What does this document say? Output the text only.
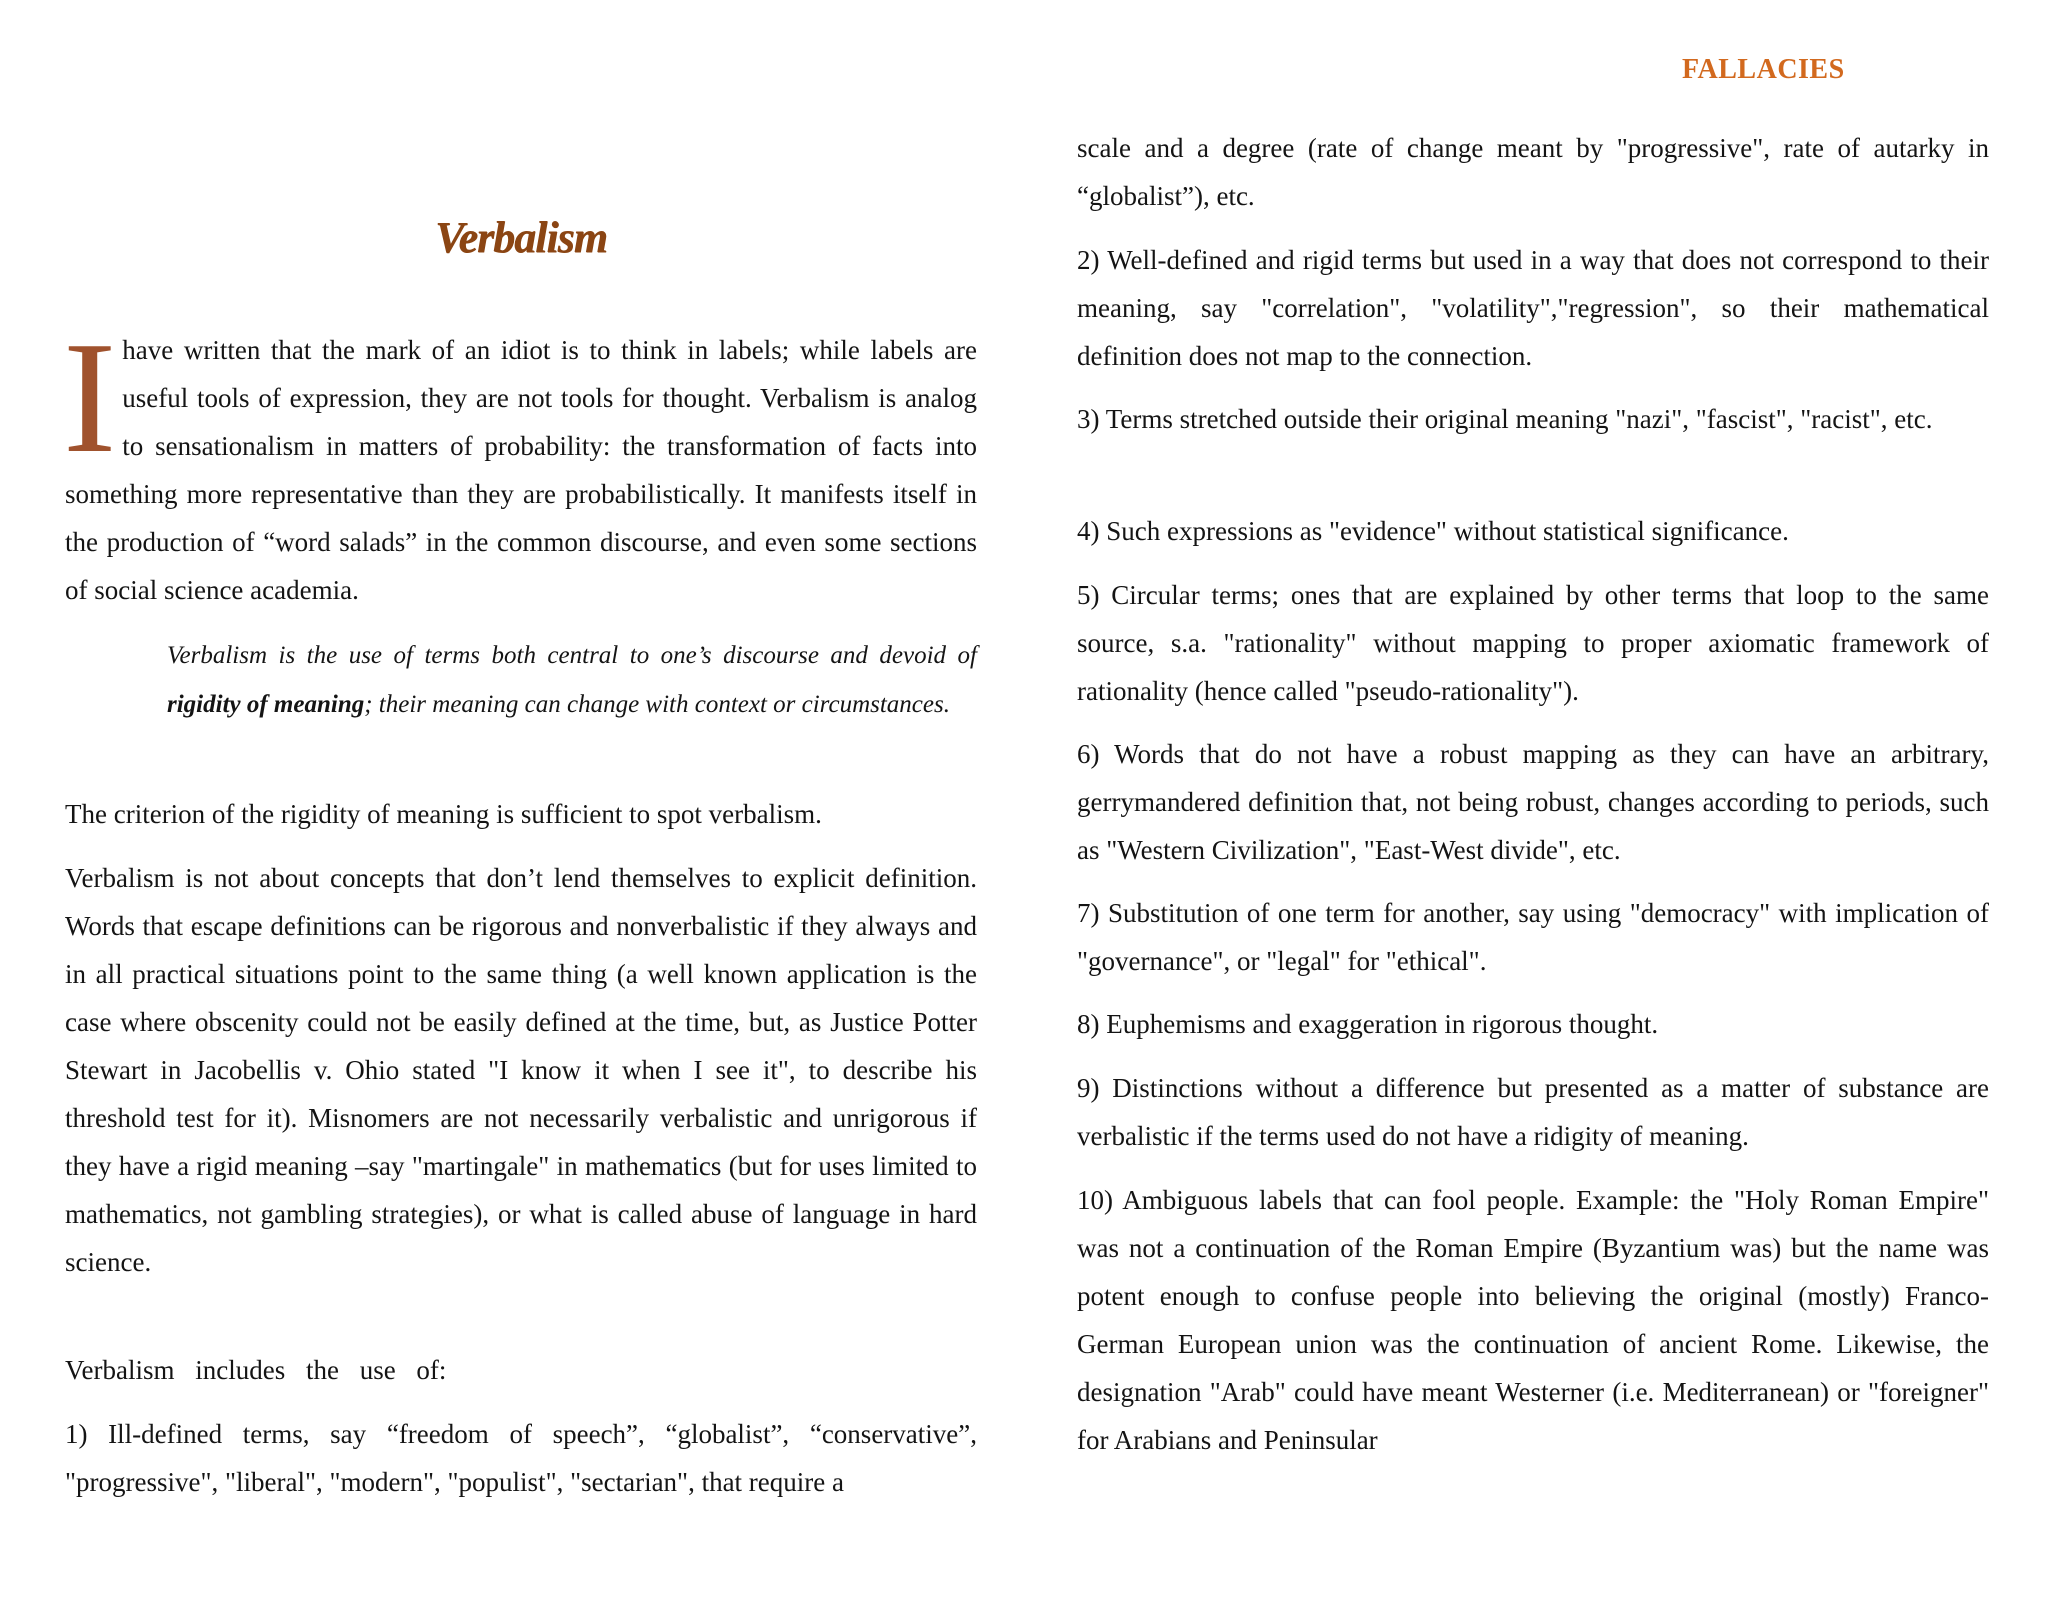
FALLACIES
Verbalism

I have written that the mark of an idiot is to think in labels; while labels are useful tools of expression, they are not tools for thought. Verbalism is analog to sensationalism in matters of probability: the transformation of facts into something more representative than they are probabilistically. It manifests itself in the production of “word salads” in the common discourse, and even some sections of social science academia.

Verbalism is the use of terms both central to one’s discourse and devoid of rigidity of meaning; their meaning can change with context or circumstances.

The criterion of the rigidity of meaning is sufficient to spot verbalism.

Verbalism is not about concepts that don’t lend themselves to explicit definition. Words that escape definitions can be rigorous and nonverbalistic if they always and in all practical situations point to the same thing (a well known application is the case where obscenity could not be easily defined at the time, but, as Justice Potter Stewart in Jacobellis v. Ohio stated "I know it when I see it", to describe his threshold test for it). Misnomers are not necessarily verbalistic and unrigorous if they have a rigid meaning –say "martingale" in mathematics (but for uses limited to mathematics, not gambling strategies), or what is called abuse of language in hard science.

Verbalism includes the use of:

1) Ill-defined terms, say “freedom of speech”, “globalist”, “conservative”, "progressive", "liberal", "modern", "populist", "sectarian", that require a

scale and a degree (rate of change meant by "progressive", rate of autarky in “globalist”), etc.

2) Well-defined and rigid terms but used in a way that does not correspond to their meaning, say "correlation", "volatility","regression", so their mathematical definition does not map to the connection.

3) Terms stretched outside their original meaning "nazi", "fascist", "racist", etc.

4) Such expressions as "evidence" without statistical significance.

5) Circular terms; ones that are explained by other terms that loop to the same source, s.a. "rationality" without mapping to proper axiomatic framework of rationality (hence called "pseudo-rationality").

6) Words that do not have a robust mapping as they can have an arbitrary, gerrymandered definition that, not being robust, changes according to periods, such as "Western Civilization", "East-West divide", etc.

7) Substitution of one term for another, say using "democracy" with implication of "governance", or "legal" for "ethical".

8) Euphemisms and exaggeration in rigorous thought.

9) Distinctions without a difference but presented as a matter of substance are verbalistic if the terms used do not have a ridigity of meaning.

10) Ambiguous labels that can fool people. Example: the "Holy Roman Empire" was not a continuation of the Roman Empire (Byzantium was) but the name was potent enough to confuse people into believing the original (mostly) Franco-German European union was the continuation of ancient Rome. Likewise, the designation "Arab" could have meant Westerner (i.e. Mediterranean) or "foreigner" for Arabians and Peninsular
